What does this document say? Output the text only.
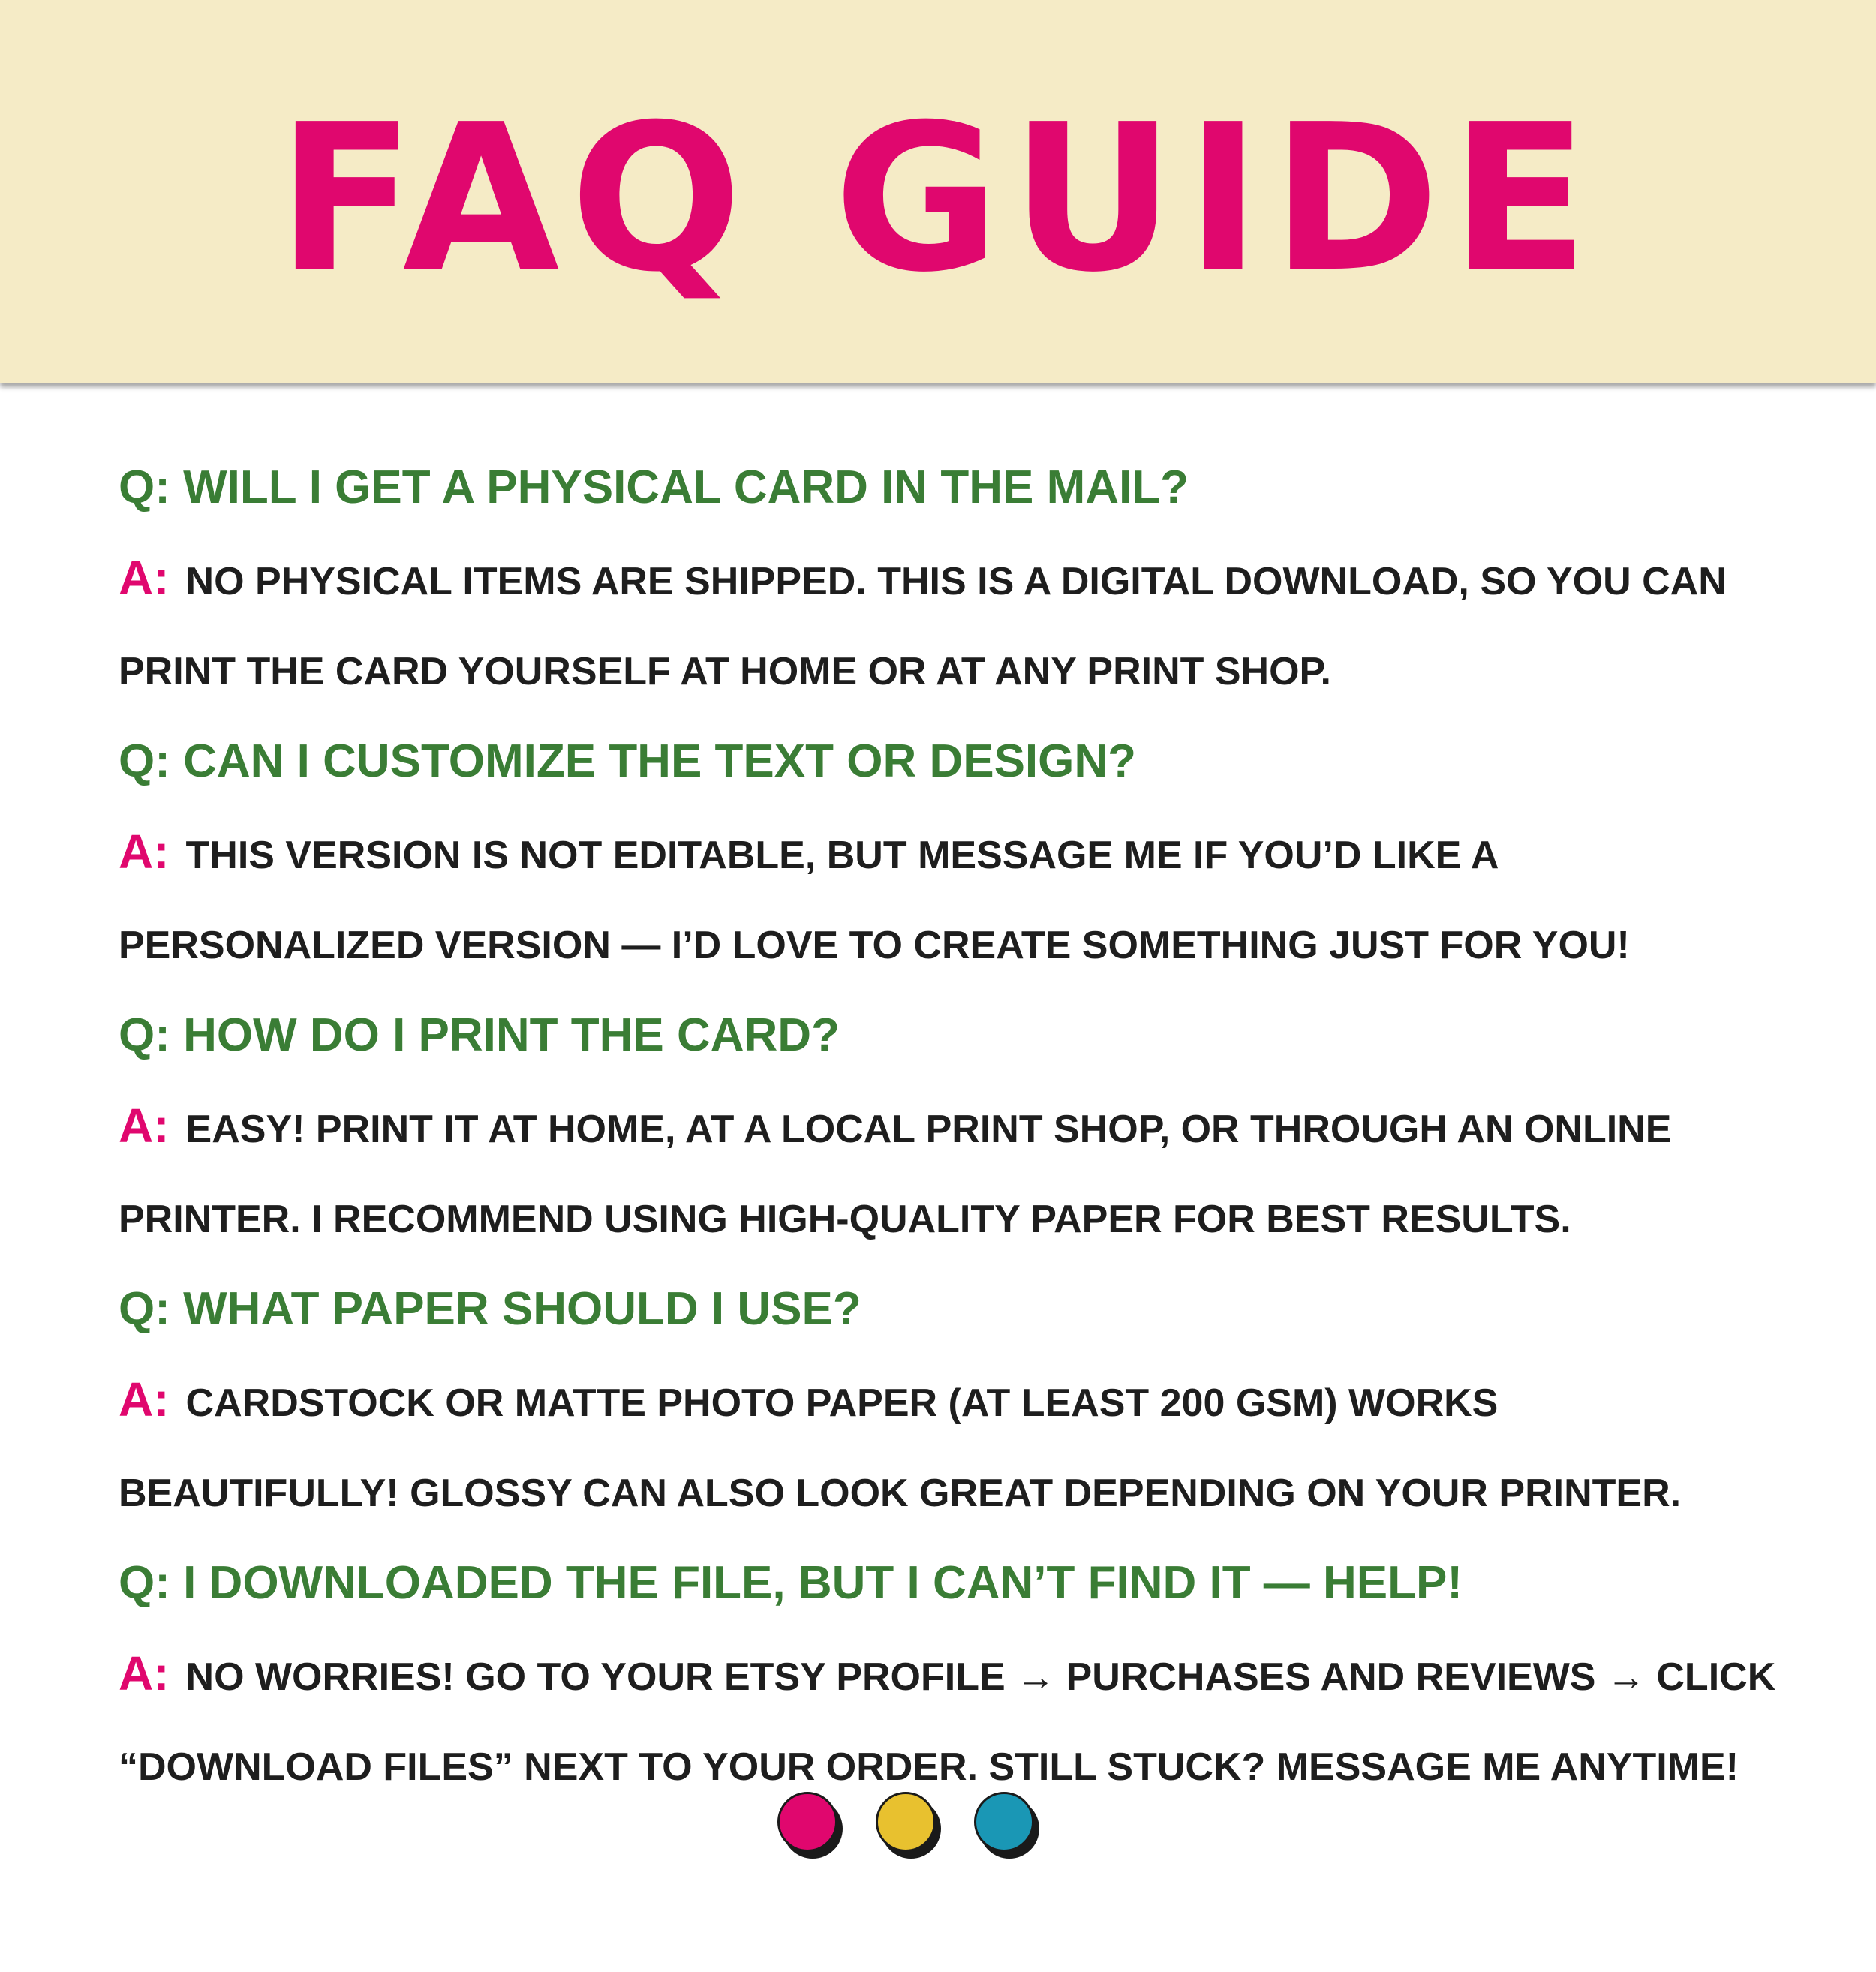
FAQ GUIDE

Q: WILL I GET A PHYSICAL CARD IN THE MAIL?

A: NO PHYSICAL ITEMS ARE SHIPPED. THIS IS A DIGITAL DOWNLOAD, SO YOU CAN
PRINT THE CARD YOURSELF AT HOME OR AT ANY PRINT SHOP.

Q: CAN I CUSTOMIZE THE TEXT OR DESIGN?

A: THIS VERSION IS NOT EDITABLE, BUT MESSAGE ME IF YOU’D LIKE A
PERSONALIZED VERSION — I’D LOVE TO CREATE SOMETHING JUST FOR YOU!

Q: HOW DO I PRINT THE CARD?

A: EASY! PRINT IT AT HOME, AT A LOCAL PRINT SHOP, OR THROUGH AN ONLINE
PRINTER. I RECOMMEND USING HIGH-QUALITY PAPER FOR BEST RESULTS.

Q: WHAT PAPER SHOULD I USE?

A: CARDSTOCK OR MATTE PHOTO PAPER (AT LEAST 200 GSM) WORKS
BEAUTIFULLY! GLOSSY CAN ALSO LOOK GREAT DEPENDING ON YOUR PRINTER.

Q: I DOWNLOADED THE FILE, BUT I CAN’T FIND IT — HELP!

A: NO WORRIES! GO TO YOUR ETSY PROFILE → PURCHASES AND REVIEWS → CLICK
“DOWNLOAD FILES” NEXT TO YOUR ORDER. STILL STUCK? MESSAGE ME ANYTIME!
